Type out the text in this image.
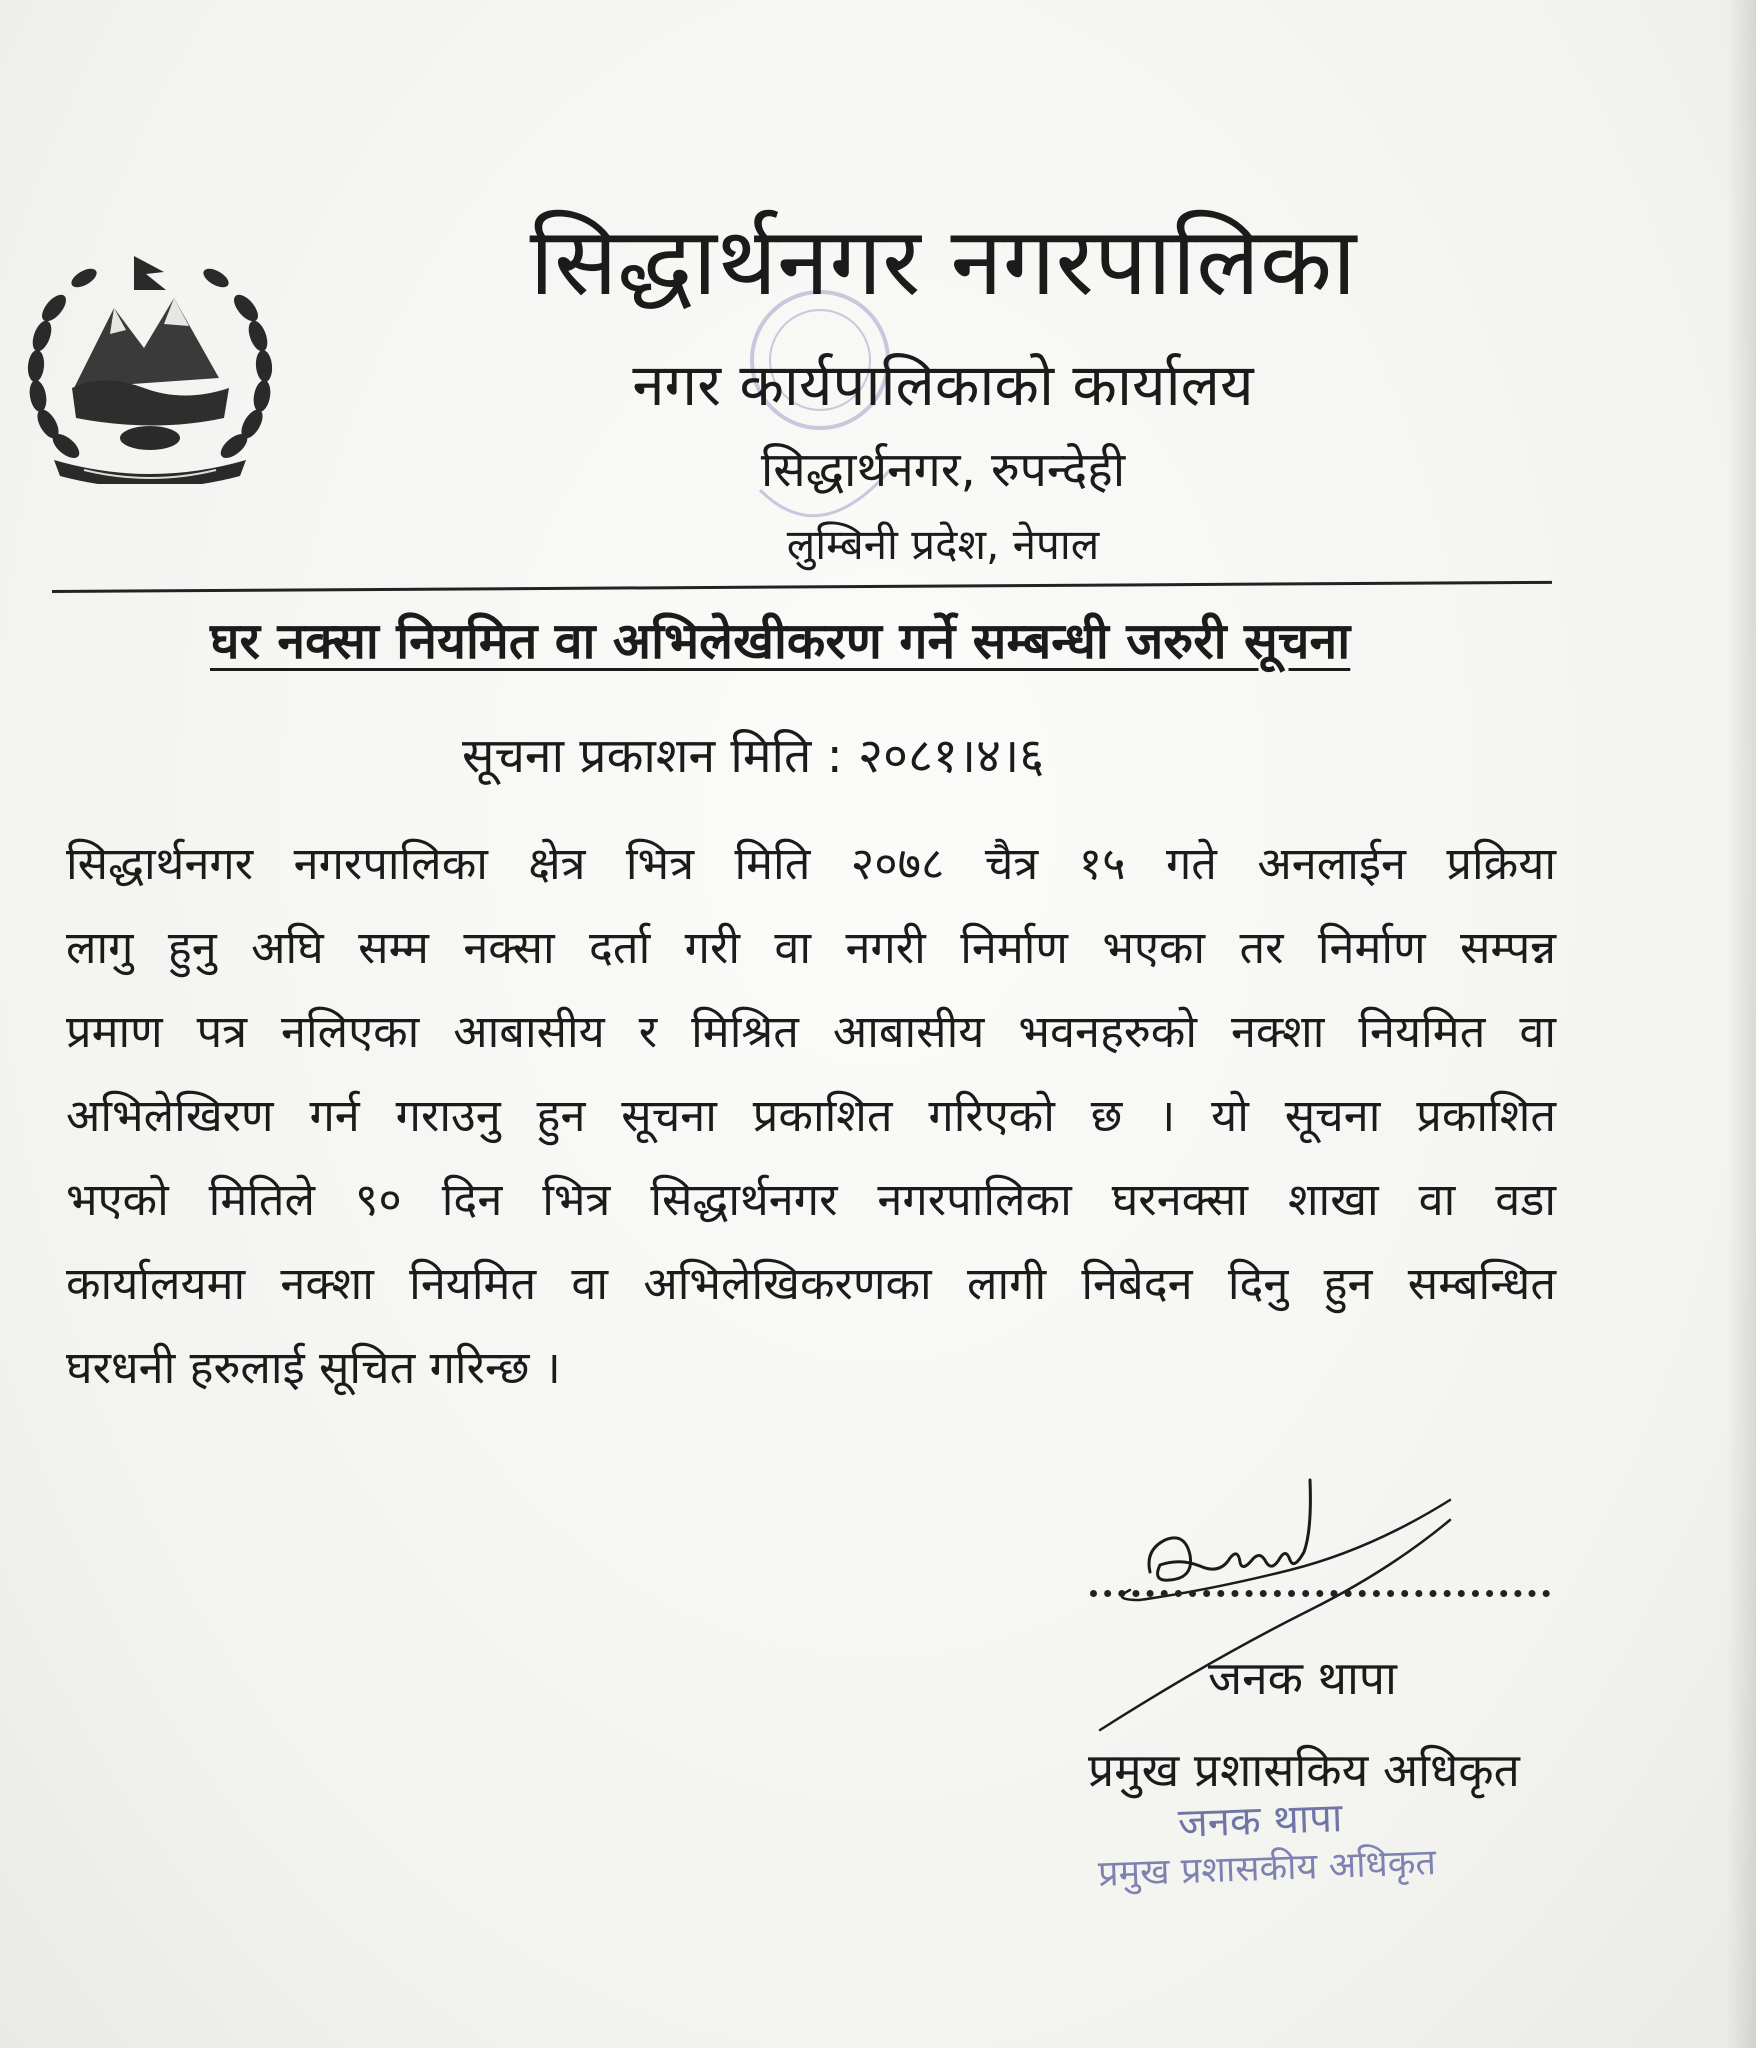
सिद्धार्थनगर नगरपालिका
नगर कार्यपालिकाको कार्यालय
सिद्धार्थनगर, रुपन्देही
लुम्बिनी प्रदेश, नेपाल
घर नक्सा नियमित वा अभिलेखीकरण गर्ने सम्बन्धी जरुरी सूचना
सूचना प्रकाशन मिति : २०८१।४।६
सिद्धार्थनगर नगरपालिका क्षेत्र भित्र मिति २०७८ चैत्र १५ गते अनलाईन प्रक्रिया
लागु हुनु अघि सम्म नक्सा दर्ता गरी वा नगरी निर्माण भएका तर निर्माण सम्पन्न
प्रमाण पत्र नलिएका आबासीय र मिश्रित आबासीय भवनहरुको नक्शा नियमित वा
अभिलेखिरण गर्न गराउनु हुन सूचना प्रकाशित गरिएको छ । यो सूचना प्रकाशित
भएको मितिले ९० दिन भित्र सिद्धार्थनगर नगरपालिका घरनक्सा शाखा वा वडा
कार्यालयमा नक्शा नियमित वा अभिलेखिकरणका लागी निबेदन दिनु हुन सम्बन्धित
घरधनी हरुलाई सूचित गरिन्छ ।
जनक थापा
प्रमुख प्रशासकिय अधिकृत
जनक थापा
प्रमुख प्रशासकीय अधिकृत
